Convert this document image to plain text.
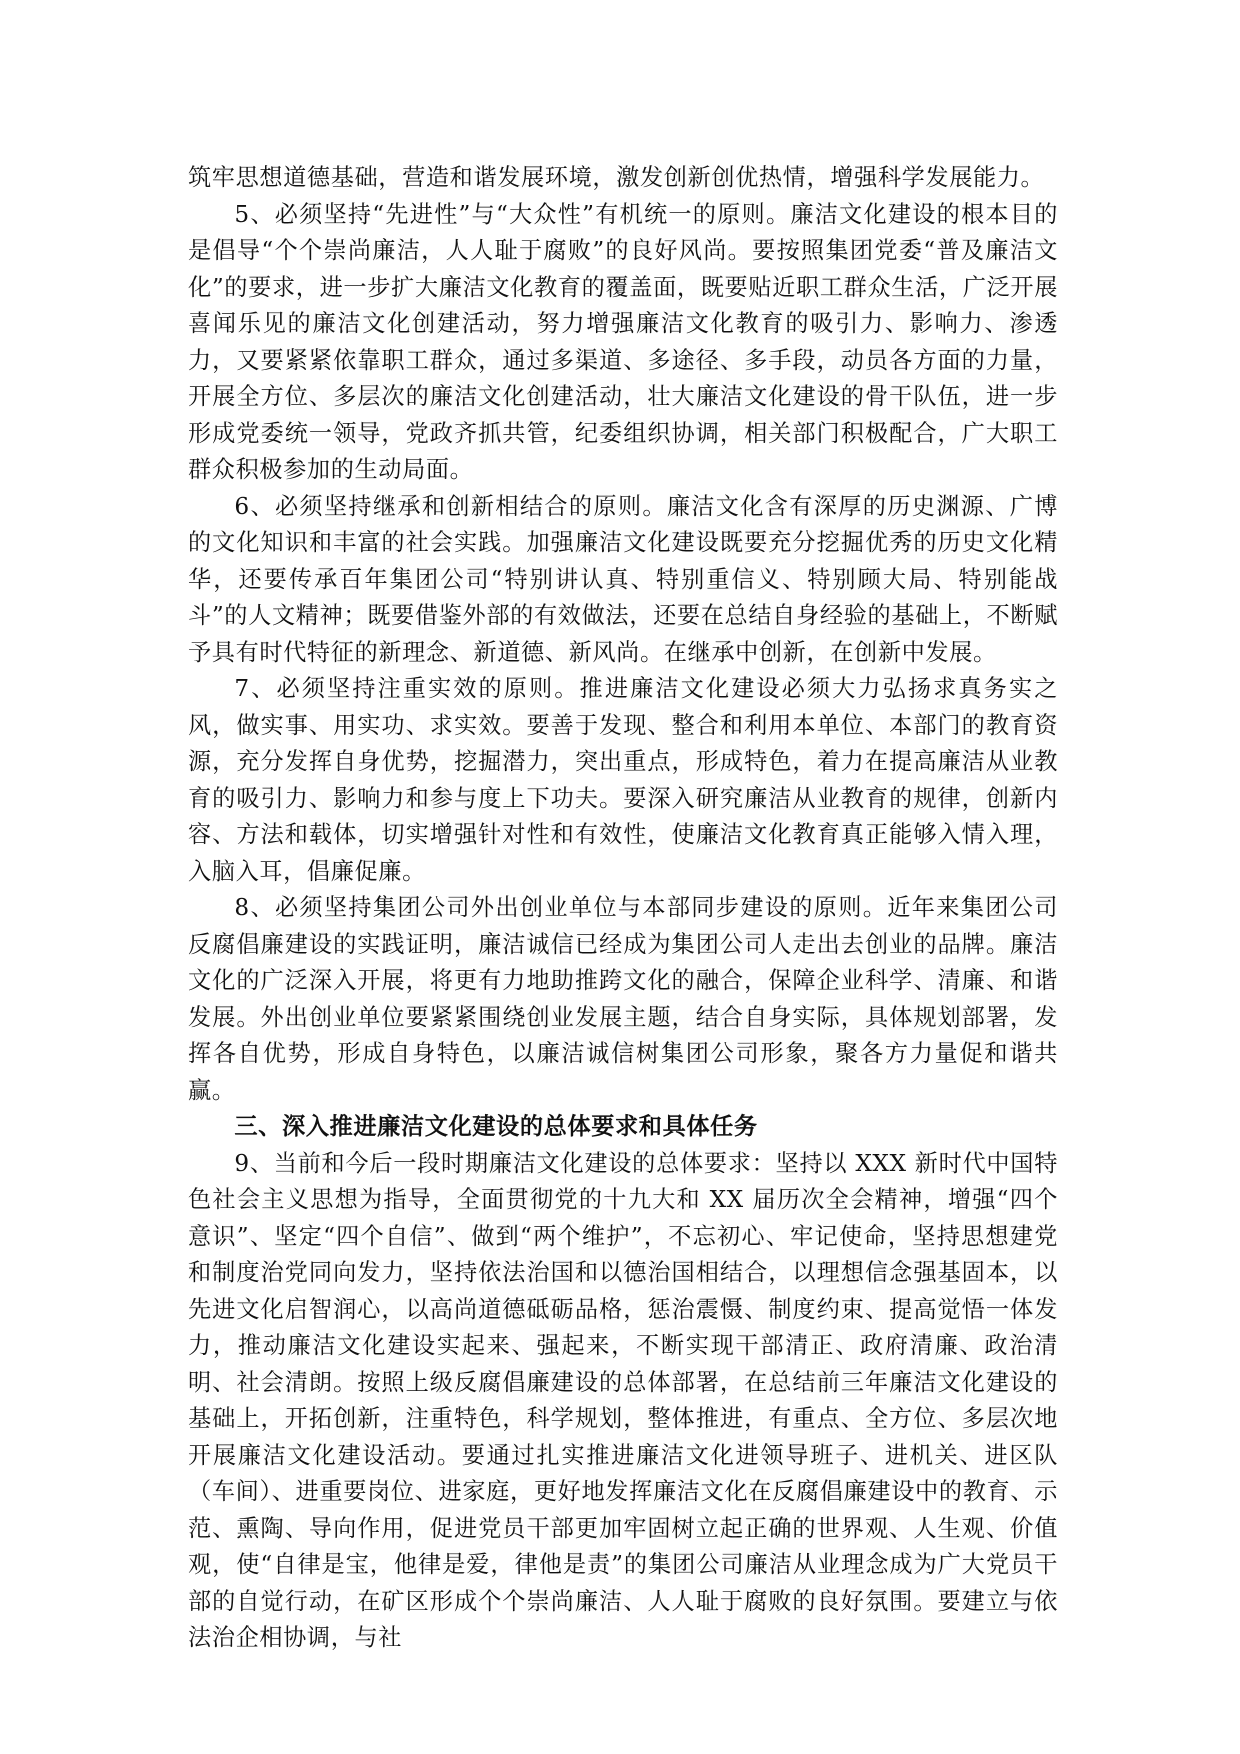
筑牢思想道德基础，营造和谐发展环境，激发创新创优热情，增强科学发展能力。

5、必须坚持“先进性”与“大众性”有机统一的原则。廉洁文化建设的根本目的是倡导“个个崇尚廉洁，人人耻于腐败”的良好风尚。要按照集团党委“普及廉洁文化”的要求，进一步扩大廉洁文化教育的覆盖面，既要贴近职工群众生活，广泛开展喜闻乐见的廉洁文化创建活动，努力增强廉洁文化教育的吸引力、影响力、渗透力，又要紧紧依靠职工群众，通过多渠道、多途径、多手段，动员各方面的力量，开展全方位、多层次的廉洁文化创建活动，壮大廉洁文化建设的骨干队伍，进一步形成党委统一领导，党政齐抓共管，纪委组织协调，相关部门积极配合，广大职工群众积极参加的生动局面。

6、必须坚持继承和创新相结合的原则。廉洁文化含有深厚的历史渊源、广博的文化知识和丰富的社会实践。加强廉洁文化建设既要充分挖掘优秀的历史文化精华，还要传承百年集团公司“特别讲认真、特别重信义、特别顾大局、特别能战斗”的人文精神；既要借鉴外部的有效做法，还要在总结自身经验的基础上，不断赋予具有时代特征的新理念、新道德、新风尚。在继承中创新，在创新中发展。

7、必须坚持注重实效的原则。推进廉洁文化建设必须大力弘扬求真务实之风，做实事、用实功、求实效。要善于发现、整合和利用本单位、本部门的教育资源，充分发挥自身优势，挖掘潜力，突出重点，形成特色，着力在提高廉洁从业教育的吸引力、影响力和参与度上下功夫。要深入研究廉洁从业教育的规律，创新内容、方法和载体，切实增强针对性和有效性，使廉洁文化教育真正能够入情入理，入脑入耳，倡廉促廉。

8、必须坚持集团公司外出创业单位与本部同步建设的原则。近年来集团公司反腐倡廉建设的实践证明，廉洁诚信已经成为集团公司人走出去创业的品牌。廉洁文化的广泛深入开展，将更有力地助推跨文化的融合，保障企业科学、清廉、和谐发展。外出创业单位要紧紧围绕创业发展主题，结合自身实际，具体规划部署，发挥各自优势，形成自身特色，以廉洁诚信树集团公司形象，聚各方力量促和谐共赢。

三、深入推进廉洁文化建设的总体要求和具体任务

9、当前和今后一段时期廉洁文化建设的总体要求：坚持以 XXX 新时代中国特色社会主义思想为指导，全面贯彻党的十九大和 XX 届历次全会精神，增强“四个意识”、坚定“四个自信”、做到“两个维护”，不忘初心、牢记使命，坚持思想建党和制度治党同向发力，坚持依法治国和以德治国相结合，以理想信念强基固本，以先进文化启智润心，以高尚道德砥砺品格，惩治震慑、制度约束、提高觉悟一体发力，推动廉洁文化建设实起来、强起来，不断实现干部清正、政府清廉、政治清明、社会清朗。按照上级反腐倡廉建设的总体部署，在总结前三年廉洁文化建设的基础上，开拓创新，注重特色，科学规划，整体推进，有重点、全方位、多层次地开展廉洁文化建设活动。要通过扎实推进廉洁文化进领导班子、进机关、进区队（车间）、进重要岗位、进家庭，更好地发挥廉洁文化在反腐倡廉建设中的教育、示范、熏陶、导向作用，促进党员干部更加牢固树立起正确的世界观、人生观、价值观，使“自律是宝，他律是爱，律他是责”的集团公司廉洁从业理念成为广大党员干部的自觉行动，在矿区形成个个崇尚廉洁、人人耻于腐败的良好氛围。要建立与依法治企相协调，与社
